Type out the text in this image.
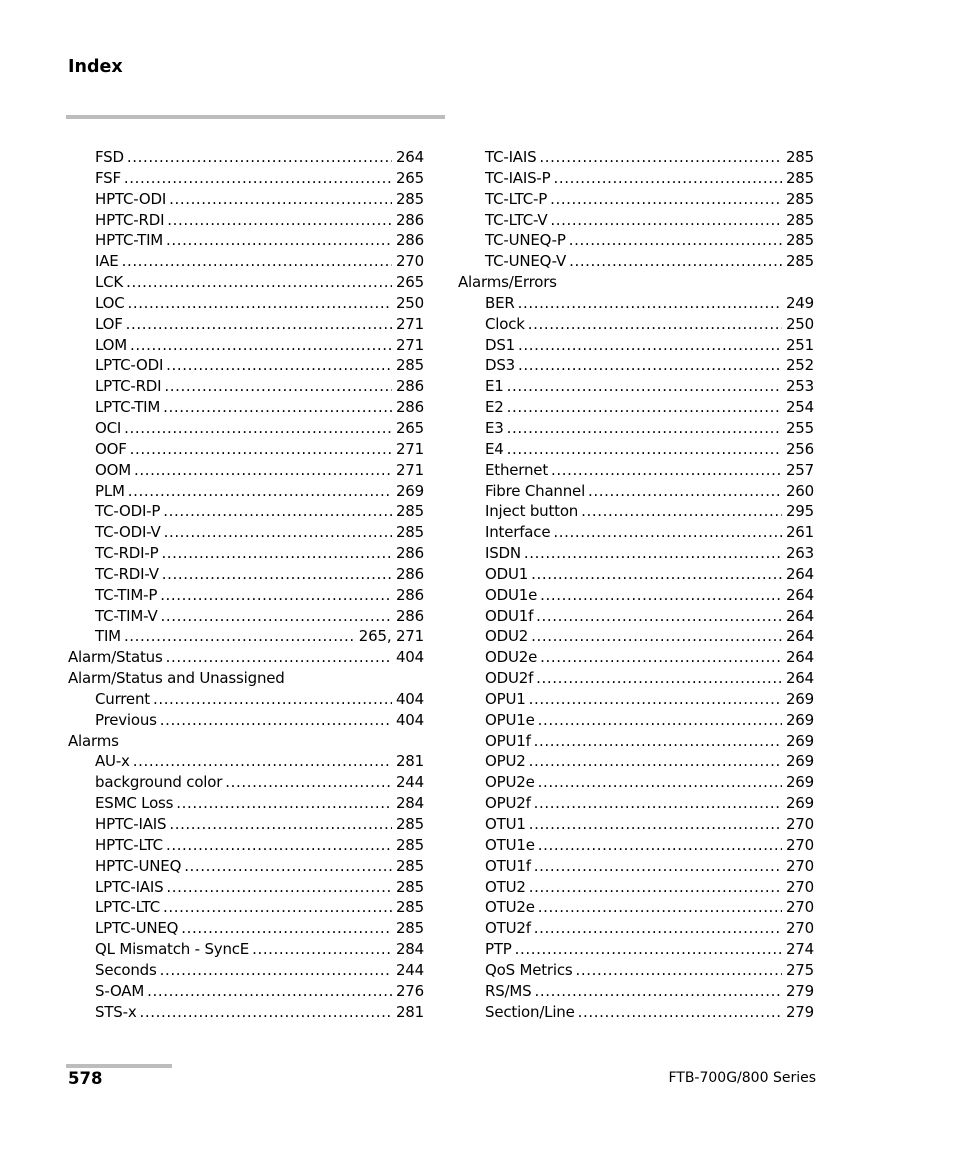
Index
FSD .....	264
FSF .....	265
HPTC-ODI .....	285
HPTC-RDI .....	286
HPTC-TIM .....	286
IAE .....	270
LCK .....	265
LOC .....	250
LOF .....	271
LOM .....	271
LPTC-ODI .....	285
LPTC-RDI .....	286
LPTC-TIM .....	286
OCI .....	265
OOF .....	271
OOM .....	271
PLM .....	269
TC-ODI-P .....	285
TC-ODI-V .....	285
TC-RDI-P .....	286
TC-RDI-V .....	286
TC-TIM-P .....	286
TC-TIM-V .....	286
TIM .....	265, 271
Alarm/Status .....	404
Alarm/Status and Unassigned
Current .....	404
Previous .....	404
Alarms
AU-x .....	281
background color .....	244
ESMC Loss .....	284
HPTC-IAIS .....	285
HPTC-LTC .....	285
HPTC-UNEQ .....	285
LPTC-IAIS .....	285
LPTC-LTC .....	285
LPTC-UNEQ .....	285
QL Mismatch - SyncE .....	284
Seconds .....	244
S-OAM .....	276
STS-x .....	281
TC-IAIS .....	285
TC-IAIS-P .....	285
TC-LTC-P .....	285
TC-LTC-V .....	285
TC-UNEQ-P .....	285
TC-UNEQ-V .....	285
Alarms/Errors
BER .....	249
Clock .....	250
DS1 .....	251
DS3 .....	252
E1 .....	253
E2 .....	254
E3 .....	255
E4 .....	256
Ethernet .....	257
Fibre Channel .....	260
Inject button .....	295
Interface .....	261
ISDN .....	263
ODU1 .....	264
ODU1e .....	264
ODU1f .....	264
ODU2 .....	264
ODU2e .....	264
ODU2f .....	264
OPU1 .....	269
OPU1e .....	269
OPU1f .....	269
OPU2 .....	269
OPU2e .....	269
OPU2f .....	269
OTU1 .....	270
OTU1e .....	270
OTU1f .....	270
OTU2 .....	270
OTU2e .....	270
OTU2f .....	270
PTP .....	274
QoS Metrics .....	275
RS/MS .....	279
Section/Line .....	279
578	FTB-700G/800 Series
